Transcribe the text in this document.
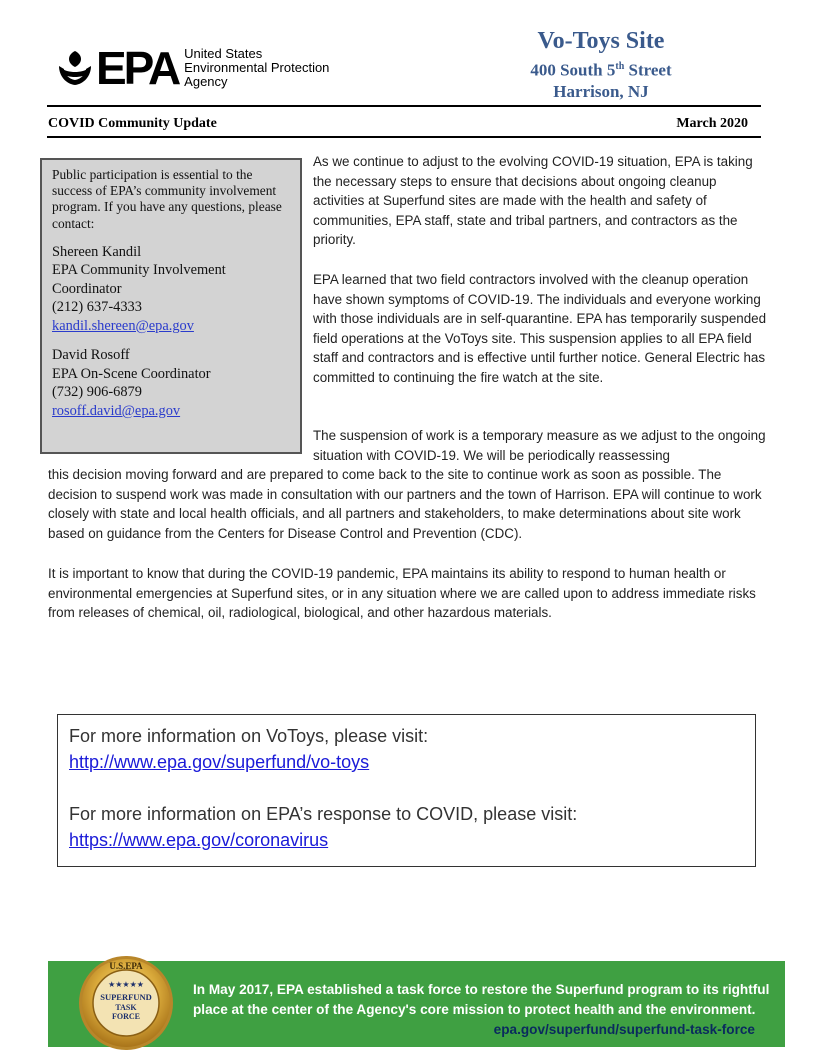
EPA United States
Environmental Protection
Agency
Vo-Toys Site
400 South 5th Street
Harrison, NJ
COVID Community Update	March 2020
Public participation is essential to the success of EPA’s community involvement program. If you have any questions, please contact:
Shereen Kandil
EPA Community Involvement Coordinator
(212) 637-4333
kandil.shereen@epa.gov
David Rosoff
EPA On-Scene Coordinator
(732) 906-6879
rosoff.david@epa.gov

As we continue to adjust to the evolving COVID-19 situation, EPA is taking the necessary steps to ensure that decisions about ongoing cleanup activities at Superfund sites are made with the health and safety of communities, EPA staff, state and tribal partners, and contractors as the priority.

EPA learned that two field contractors involved with the cleanup operation have shown symptoms of COVID-19. The individuals and everyone working with those individuals are in self-quarantine. EPA has temporarily suspended field operations at the VoToys site. This suspension applies to all EPA field staff and contractors and is effective until further notice. General Electric has committed to continuing the fire watch at the site.

The suspension of work is a temporary measure as we adjust to the ongoing situation with COVID-19. We will be periodically reassessing

this decision moving forward and are prepared to come back to the site to continue work as soon as possible. The decision to suspend work was made in consultation with our partners and the town of Harrison. EPA will continue to work closely with state and local health officials, and all partners and stakeholders, to make determinations about site work based on guidance from the Centers for Disease Control and Prevention (CDC).

It is important to know that during the COVID-19 pandemic, EPA maintains its ability to respond to human health or environmental emergencies at Superfund sites, or in any situation where we are called upon to address immediate risks from releases of chemical, oil, radiological, biological, and other hazardous materials.

For more information on VoToys, please visit:
http://www.epa.gov/superfund/vo-toys
For more information on EPA’s response to COVID, please visit:
https://www.epa.gov/coronavirus
U.S.EPA
★★★★★
SUPERFUND
TASK
FORCE
In May 2017, EPA established a task force to restore the Superfund program to its rightful place at the center of the Agency's core mission to protect health and the environment.
epa.gov/superfund/superfund-task-force
